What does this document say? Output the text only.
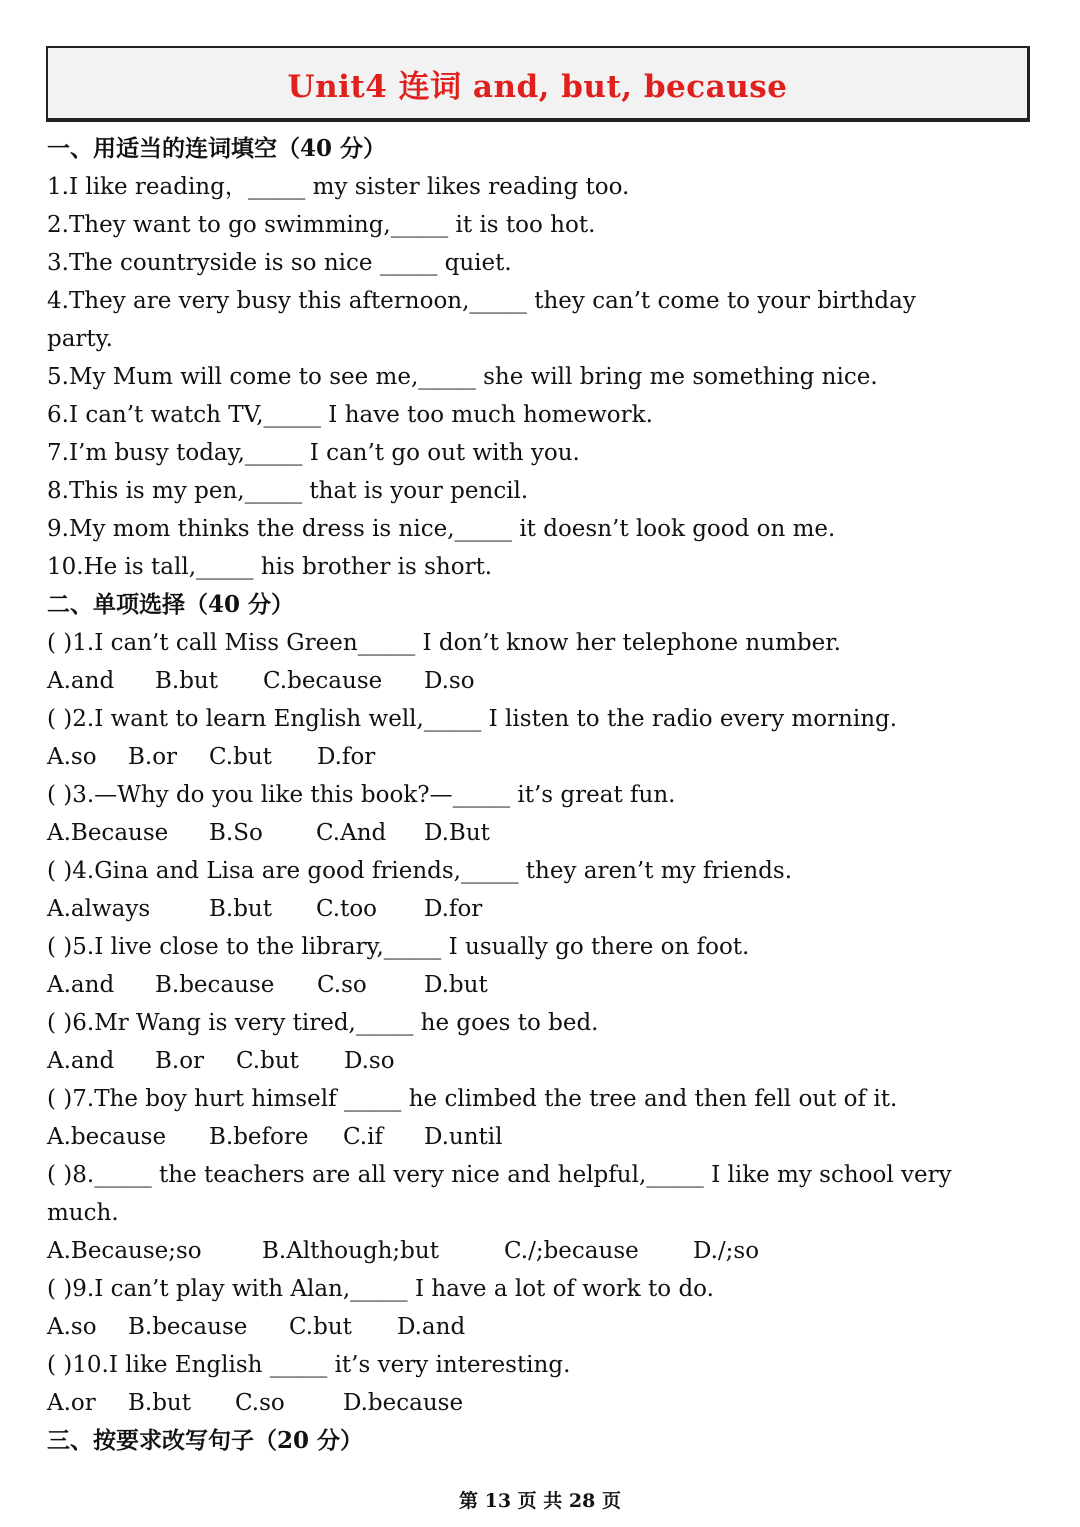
Unit4 连词 and, but, because
一、用适当的连词填空（40 分）
1.I like reading，_____ my sister likes reading too.
2.They want to go swimming,_____ it is too hot.
3.The countryside is so nice _____ quiet.
4.They are very busy this afternoon,_____ they can’t come to your birthday
party.
5.My Mum will come to see me,_____ she will bring me something nice.
6.I can’t watch TV,_____ I have too much homework.
7.I’m busy today,_____ I can’t go out with you.
8.This is my pen,_____ that is your pencil.
9.My mom thinks the dress is nice,_____ it doesn’t look good on me.
10.He is tall,_____ his brother is short.
二、单项选择（40 分）
( )1.I can’t call Miss Green_____ I don’t know her telephone number.
A.and B.but C.because D.so
( )2.I want to learn English well,_____ I listen to the radio every morning.
A.so B.or C.but D.for
( )3.—Why do you like this book?—_____ it’s great fun.
A.Because B.So C.And D.But
( )4.Gina and Lisa are good friends,_____ they aren’t my friends.
A.always	B.but C.too D.for
( )5.I live close to the library,_____ I usually go there on foot.
A.and B.because C.so D.but
( )6.Mr Wang is very tired,_____ he goes to bed.
A.and B.or C.but D.so
( )7.The boy hurt himself _____ he climbed the tree and then fell out of it.
A.because B.before C.if D.until
( )8._____ the teachers are all very nice and helpful,_____ I like my school very
much.
A.Because;so	B.Although;but	C./;because D./;so
( )9.I can’t play with Alan,_____ I have a lot of work to do.
A.so B.because C.but D.and
( )10.I like English _____ it’s very interesting.
A.or B.but C.so	D.because
三、按要求改写句子（20 分）
第 13 页 共 28 页
